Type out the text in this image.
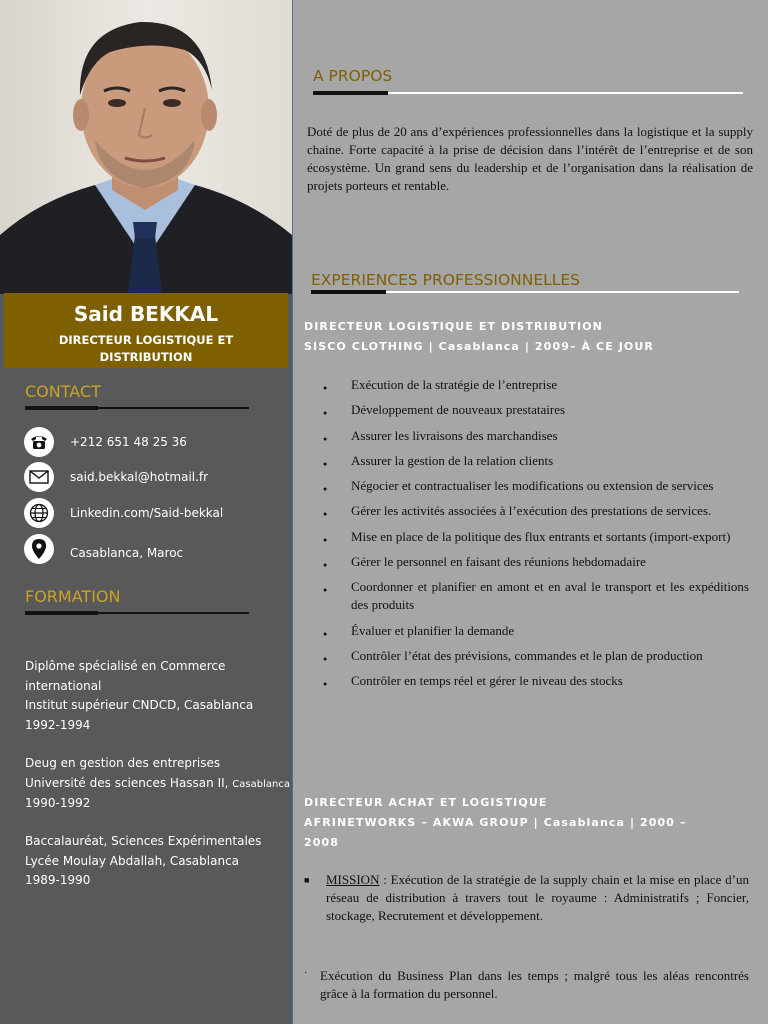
Said BEKKAL
DIRECTEUR LOGISTIQUE ET DISTRIBUTION
CONTACT
+212 651 48 25 36
said.bekkal@hotmail.fr
Linkedin.com/Said-bekkal
Casablanca, Maroc
FORMATION
Diplôme spécialisé en Commerce international
Institut supérieur CNDCD, Casablanca
1992-1994
Deug en gestion des entreprises
Université des sciences Hassan II, Casablanca
1990-1992
Baccalauréat, Sciences Expérimentales
Lycée Moulay Abdallah, Casablanca
1989-1990
A PROPOS
Doté de plus de 20 ans d’expériences professionnelles dans la logistique et la supply chaine. Forte capacité à la prise de décision dans l’intérêt de l’entreprise et de son écosystème. Un grand sens du leadership et de l’organisation dans la réalisation de projets porteurs et rentable.
EXPERIENCES PROFESSIONNELLES
DIRECTEUR LOGISTIQUE ET DISTRIBUTION
SISCO CLOTHING | Casablanca | 2009– À CE JOUR
● Exécution de la stratégie de l’entreprise
● Développement de nouveaux prestataires
● Assurer les livraisons des marchandises
● Assurer la gestion de la relation clients
● Négocier et contractualiser les modifications ou extension de services
● Gérer les activités associées à l’exécution des prestations de services.
● Mise en place de la politique des flux entrants et sortants (import-export)
● Gérer le personnel en faisant des réunions hebdomadaire
● Coordonner et planifier en amont et en aval le transport et les expéditions des produits
● Évaluer et planifier la demande
● Contrôler l’état des prévisions, commandes et le plan de production
● Contrôler en temps réel et gérer le niveau des stocks
DIRECTEUR ACHAT ET LOGISTIQUE
AFRINETWORKS – AKWA GROUP | Casablanca | 2000 –
2008
■ MISSION : Exécution de la stratégie de la supply chain et la mise en place d’un réseau de distribution à travers tout le royaume : Administratifs ; Foncier, stockage, Recrutement et développement.
· Exécution du Business Plan dans les temps ; malgré tous les aléas rencontrés grâce à la formation du personnel.
